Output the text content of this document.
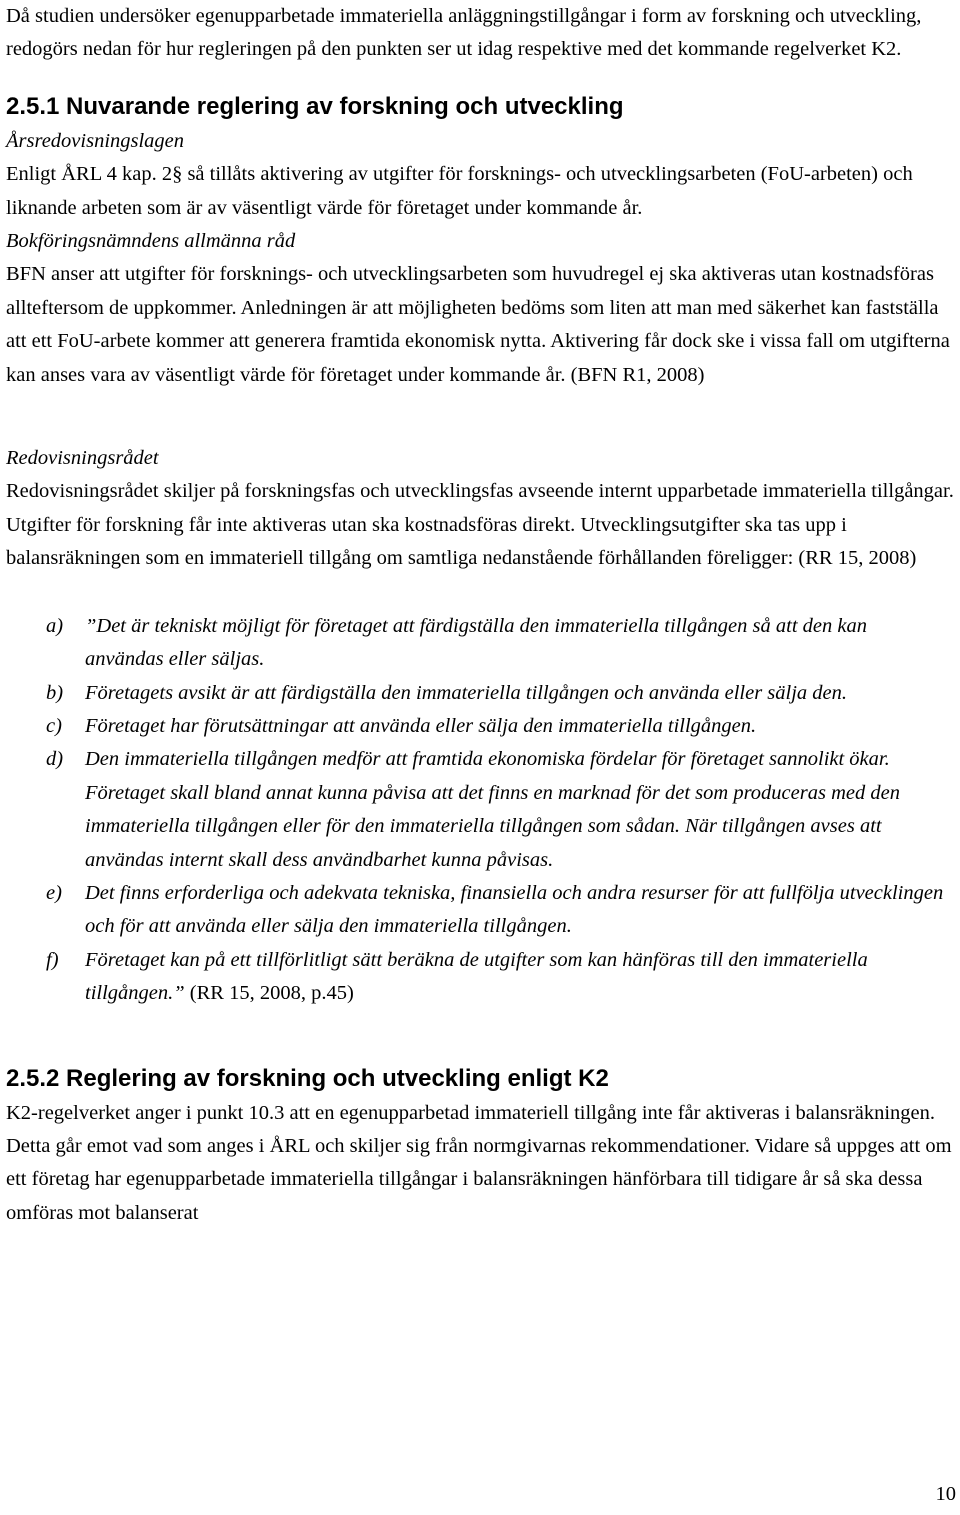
Då studien undersöker egenupparbetade immateriella anläggningstillgångar i form av forskning och utveckling, redogörs nedan för hur regleringen på den punkten ser ut idag respektive med det kommande regelverket K2.

2.5.1 Nuvarande reglering av forskning och utveckling

Årsredovisningslagen

Enligt ÅRL 4 kap. 2§ så tillåts aktivering av utgifter för forsknings- och utvecklingsarbeten (FoU-arbeten) och liknande arbeten som är av väsentligt värde för företaget under kommande år.

Bokföringsnämndens allmänna råd

BFN anser att utgifter för forsknings- och utvecklingsarbeten som huvudregel ej ska aktiveras utan kostnadsföras allteftersom de uppkommer. Anledningen är att möjligheten bedöms som liten att man med säkerhet kan fastställa att ett FoU-arbete kommer att generera framtida ekonomisk nytta. Aktivering får dock ske i vissa fall om utgifterna kan anses vara av väsentligt värde för företaget under kommande år. (BFN R1, 2008)

Redovisningsrådet

Redovisningsrådet skiljer på forskningsfas och utvecklingsfas avseende internt upparbetade immateriella tillgångar. Utgifter för forskning får inte aktiveras utan ska kostnadsföras direkt. Utvecklingsutgifter ska tas upp i balansräkningen som en immateriell tillgång om samtliga nedanstående förhållanden föreligger: (RR 15, 2008)

a) ”Det är tekniskt möjligt för företaget att färdigställa den immateriella tillgången så att den kan användas eller säljas.
b) Företagets avsikt är att färdigställa den immateriella tillgången och använda eller sälja den.
c) Företaget har förutsättningar att använda eller sälja den immateriella tillgången.
d) Den immateriella tillgången medför att framtida ekonomiska fördelar för företaget sannolikt ökar. Företaget skall bland annat kunna påvisa att det finns en marknad för det som produceras med den immateriella tillgången eller för den immateriella tillgången som sådan. När tillgången avses att användas internt skall dess användbarhet kunna påvisas.
e) Det finns erforderliga och adekvata tekniska, finansiella och andra resurser för att fullfölja utvecklingen och för att använda eller sälja den immateriella tillgången.
f) Företaget kan på ett tillförlitligt sätt beräkna de utgifter som kan hänföras till den immateriella tillgången.” (RR 15, 2008, p.45)

2.5.2 Reglering av forskning och utveckling enligt K2

K2-regelverket anger i punkt 10.3 att en egenupparbetad immateriell tillgång inte får aktiveras i balansräkningen. Detta går emot vad som anges i ÅRL och skiljer sig från normgivarnas rekommendationer. Vidare så uppges att om ett företag har egenupparbetade immateriella tillgångar i balansräkningen hänförbara till tidigare år så ska dessa omföras mot balanserat

10
